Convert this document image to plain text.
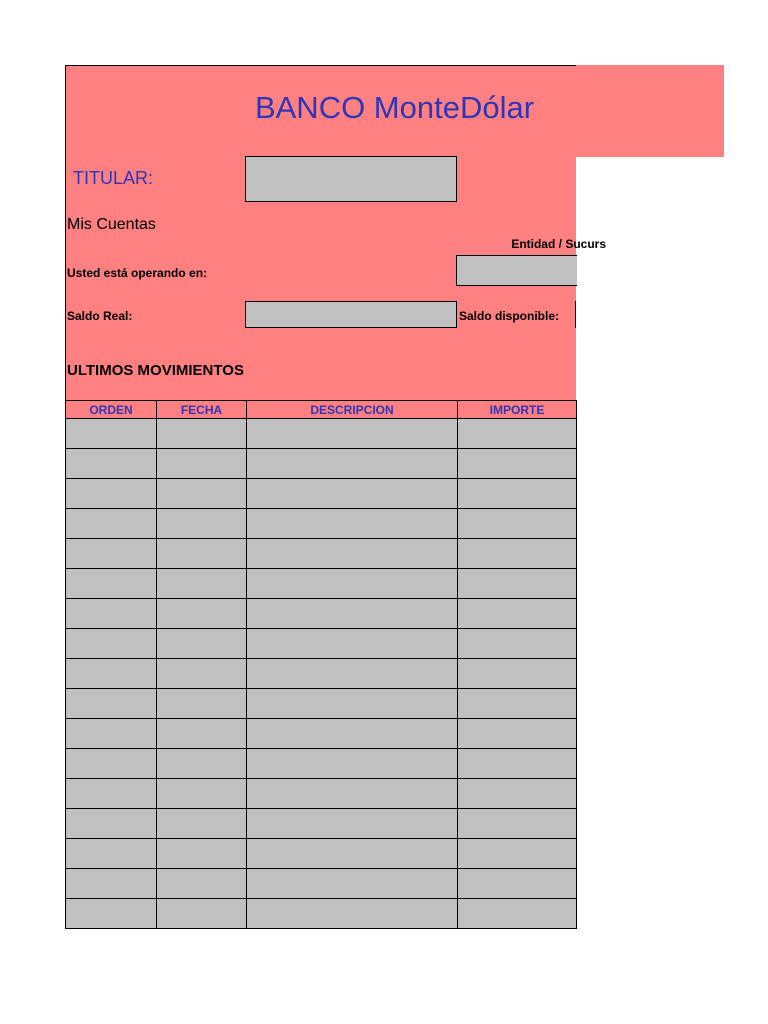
BANCO MonteDólar
TITULAR:
Mis Cuentas
Entidad / Sucurs
Usted está operando en:
Saldo Real:	Saldo disponible:
ULTIMOS MOVIMIENTOS
ORDEN	FECHA	DESCRIPCION	IMPORTE
